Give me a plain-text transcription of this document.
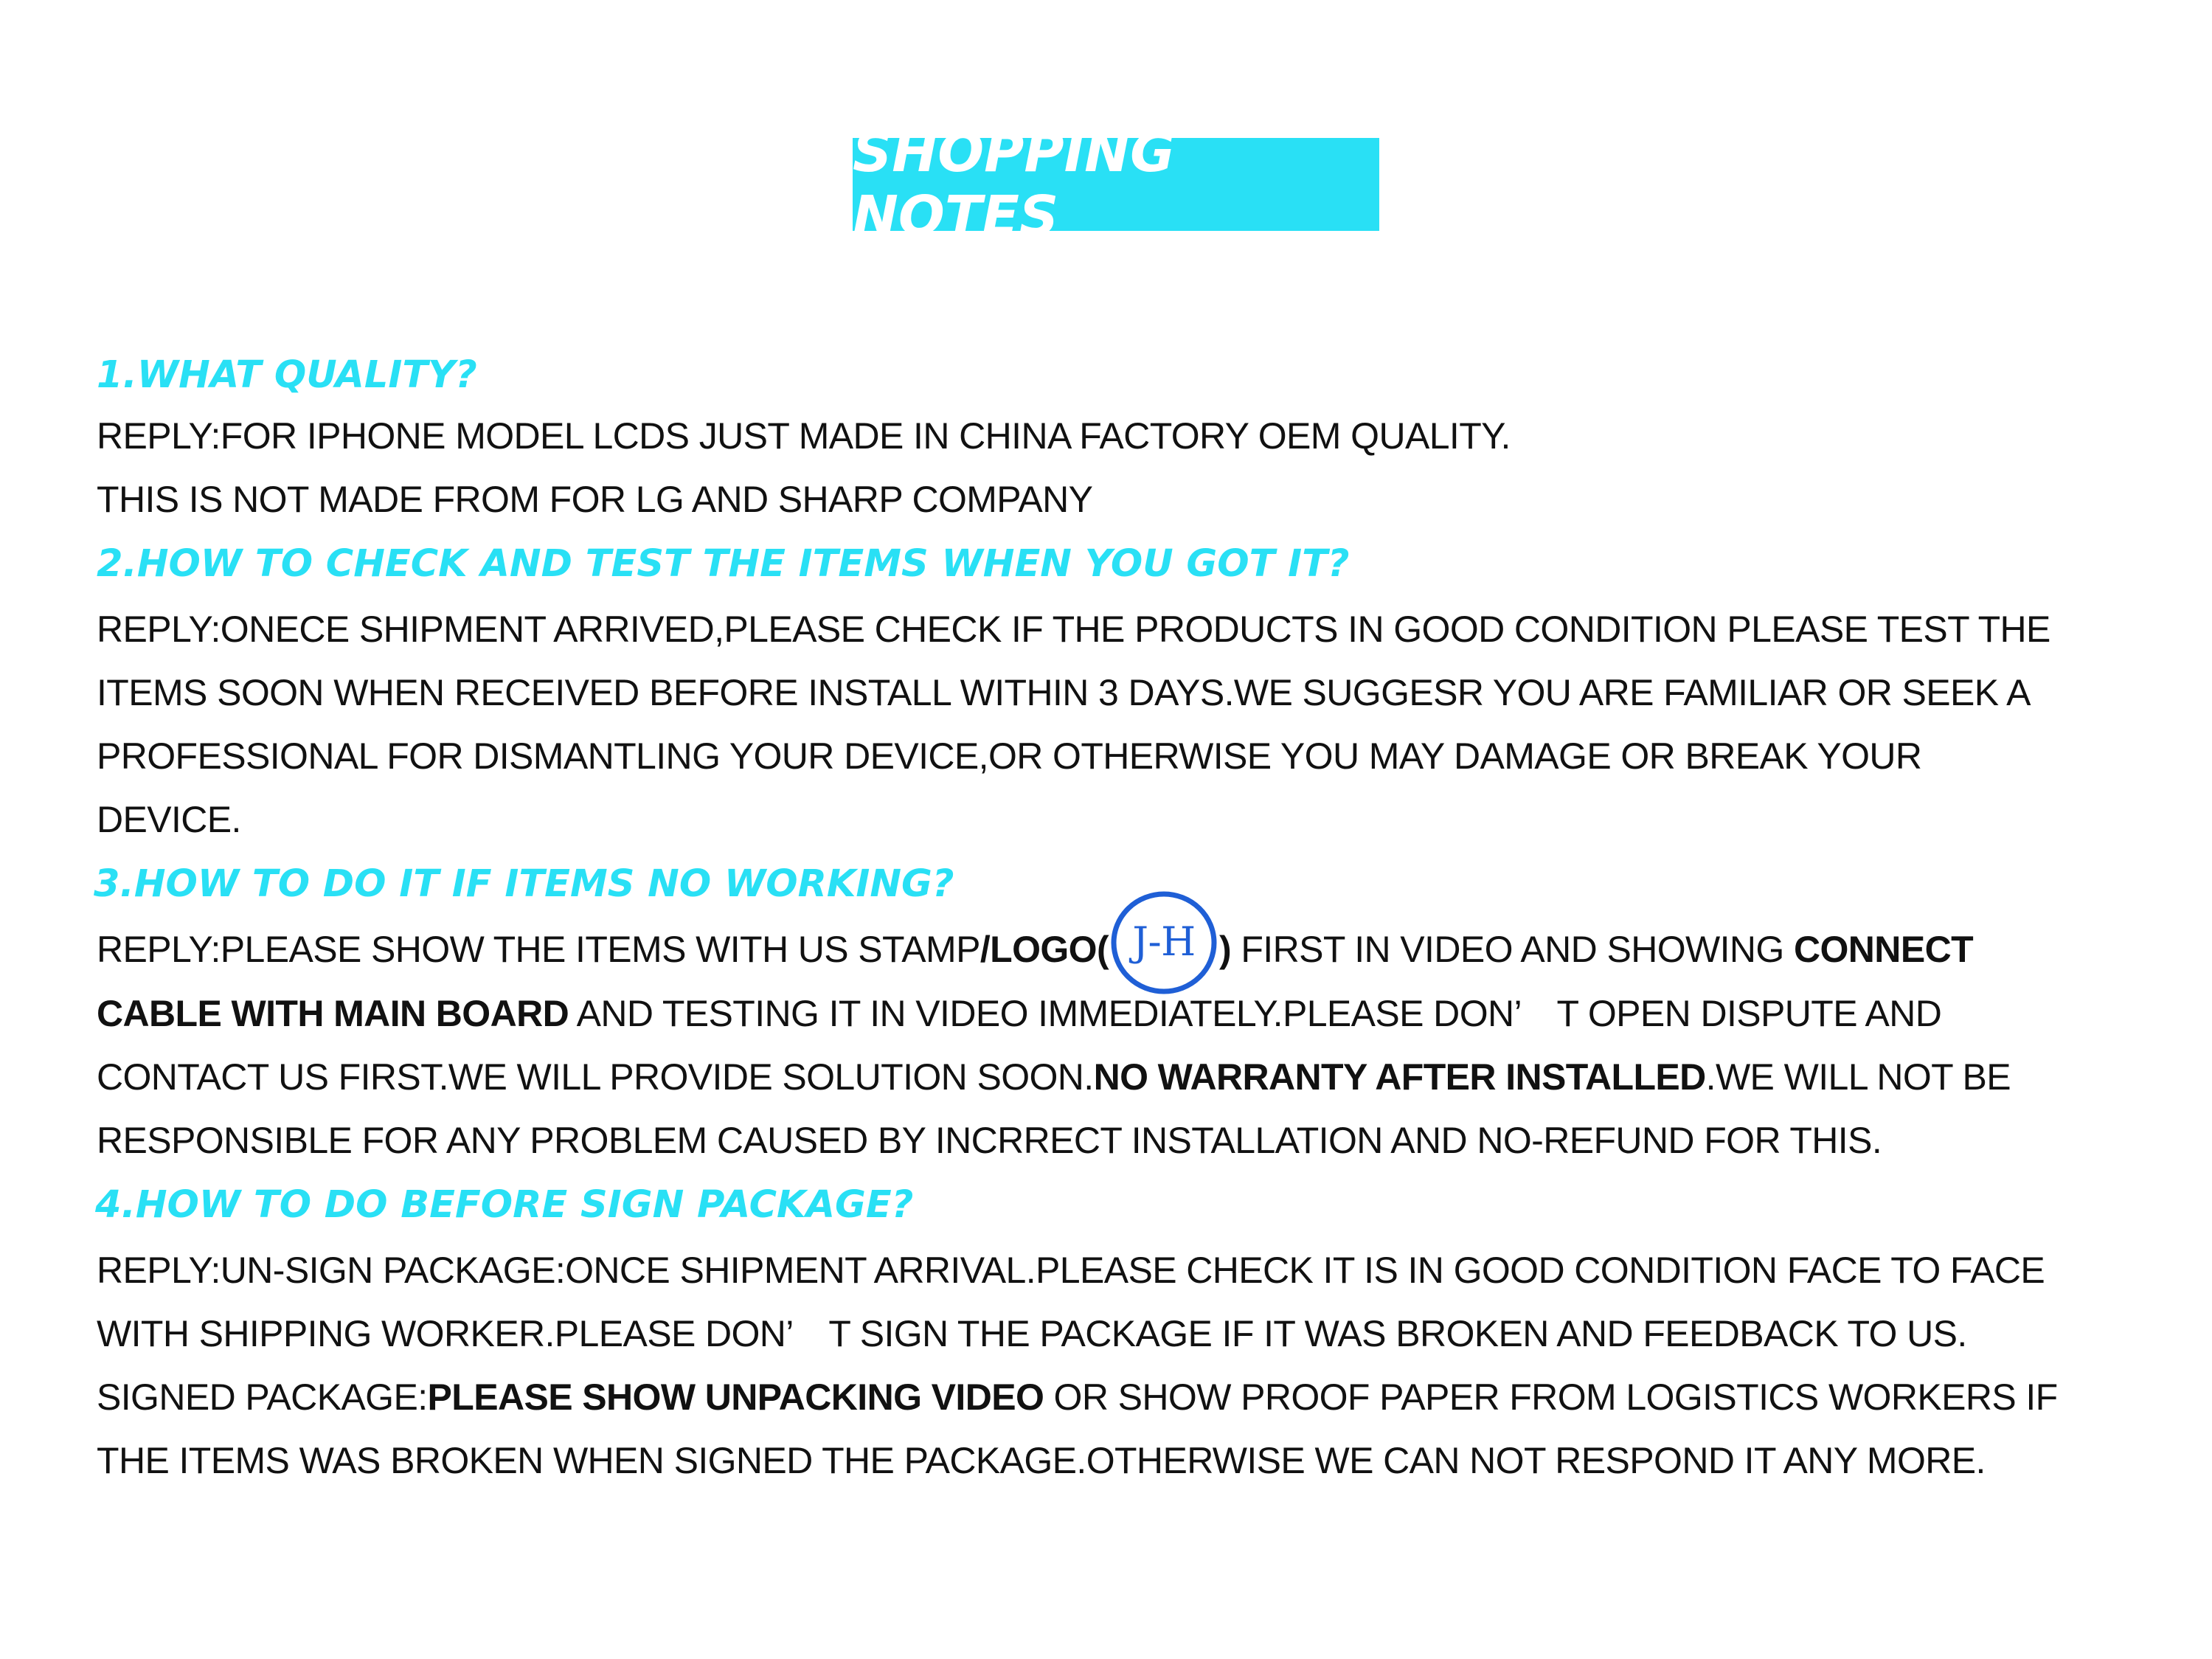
SHOPPING NOTES

1.WHAT QUALITY?

REPLY:FOR IPHONE MODEL LCDS JUST MADE IN CHINA FACTORY OEM QUALITY.

THIS IS NOT MADE FROM FOR LG AND SHARP COMPANY

2.HOW TO CHECK AND TEST THE ITEMS WHEN YOU GOT IT?

REPLY:ONECE SHIPMENT ARRIVED,PLEASE CHECK IF THE PRODUCTS IN GOOD CONDITION PLEASE TEST THE

ITEMS SOON WHEN RECEIVED BEFORE INSTALL WITHIN 3 DAYS.WE SUGGESR YOU ARE FAMILIAR OR SEEK A

PROFESSIONAL FOR DISMANTLING YOUR DEVICE,OR OTHERWISE YOU MAY DAMAGE OR BREAK YOUR

DEVICE.

3.HOW TO DO IT IF ITEMS NO WORKING?

REPLY:PLEASE SHOW THE ITEMS WITH US STAMP/LOGO( J-H ) FIRST IN VIDEO AND SHOWING CONNECT

CABLE WITH MAIN BOARD AND TESTING IT IN VIDEO IMMEDIATELY.PLEASE DON’　T OPEN DISPUTE AND

CONTACT US FIRST.WE WILL PROVIDE SOLUTION SOON.NO WARRANTY AFTER INSTALLED.WE WILL NOT BE

RESPONSIBLE FOR ANY PROBLEM CAUSED BY INCRRECT INSTALLATION AND NO-REFUND FOR THIS.

4.HOW TO DO BEFORE SIGN PACKAGE?

REPLY:UN-SIGN PACKAGE:ONCE SHIPMENT ARRIVAL.PLEASE CHECK IT IS IN GOOD CONDITION FACE TO FACE

WITH SHIPPING WORKER.PLEASE DON’　T SIGN THE PACKAGE IF IT WAS BROKEN AND FEEDBACK TO US.

SIGNED PACKAGE:PLEASE SHOW UNPACKING VIDEO OR SHOW PROOF PAPER FROM LOGISTICS WORKERS IF

THE ITEMS WAS BROKEN WHEN SIGNED THE PACKAGE.OTHERWISE WE CAN NOT RESPOND IT ANY MORE.
